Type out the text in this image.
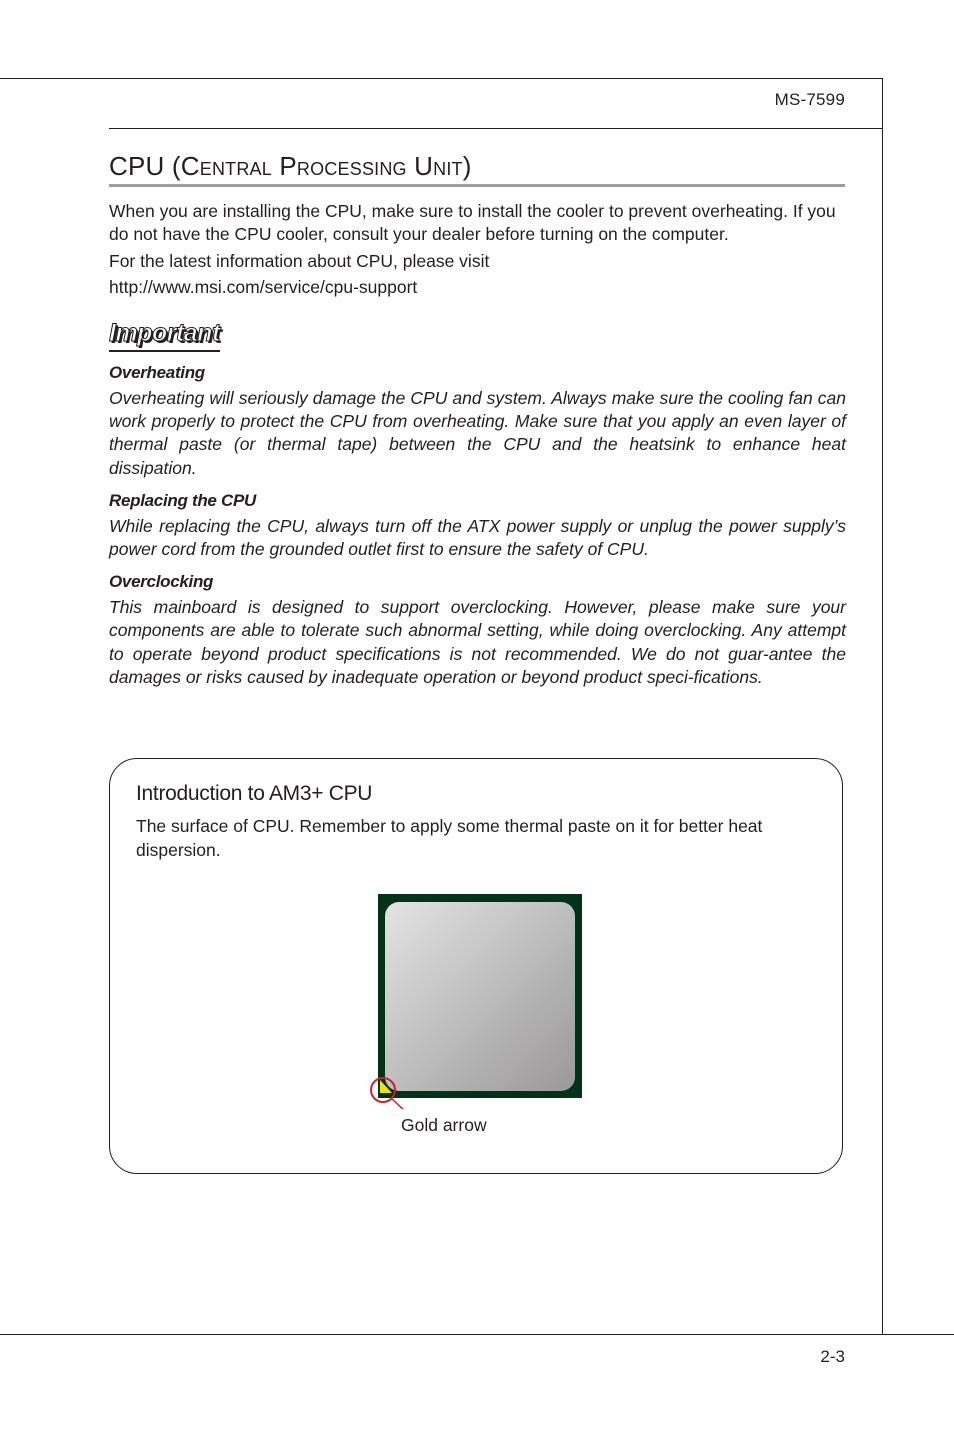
MS-7599
CPU (Central Processing Unit)

When you are installing the CPU, make sure to install the cooler to prevent overheating. If you do not have the CPU cooler, consult your dealer before turning on the computer.

For the latest information about CPU, please visit

http://www.msi.com/service/cpu-support

Important

Overheating

Overheating will seriously damage the CPU and system. Always make sure the cooling fan can work properly to protect the CPU from overheating. Make sure that you apply an even layer of thermal paste (or thermal tape) between the CPU and the heatsink to enhance heat dissipation.

Replacing the CPU

While replacing the CPU, always turn off the ATX power supply or unplug the power supply’s power cord from the grounded outlet first to ensure the safety of CPU.

Overclocking

This mainboard is designed to support overclocking. However, please make sure your components are able to tolerate such abnormal setting, while doing overclocking. Any attempt to operate beyond product specifications is not recommended. We do not guar-antee the damages or risks caused by inadequate operation or beyond product speci-fications.

Introduction to AM3+ CPU

The surface of CPU. Remember to apply some thermal paste on it for better heat dispersion.

Gold arrow

2-3
